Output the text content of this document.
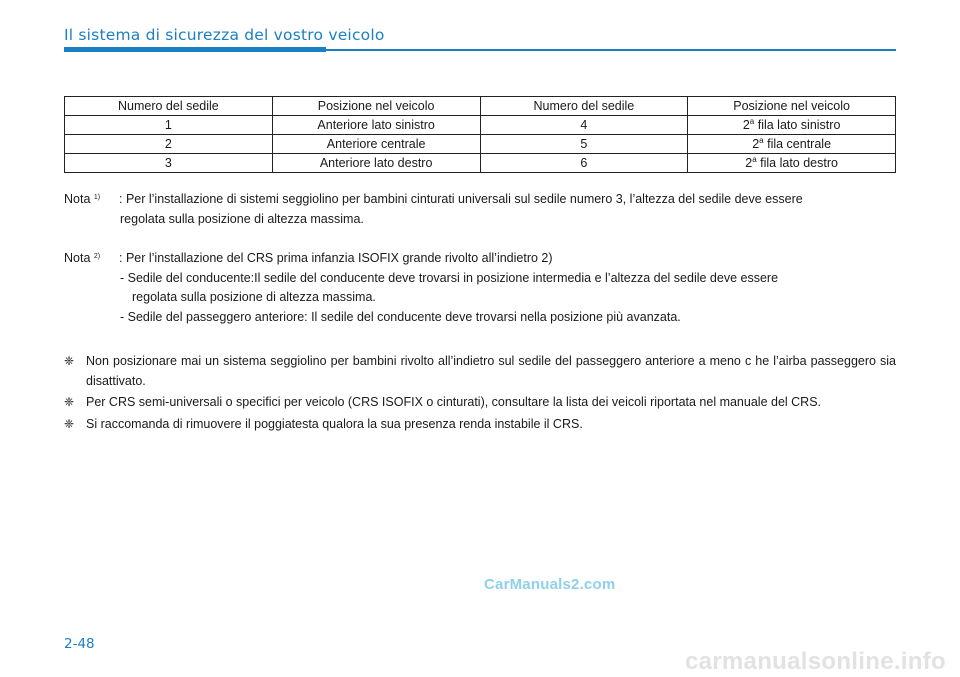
Il sistema di sicurezza del vostro veicolo
Numero del sedile	Posizione nel veicolo	Numero del sedile	Posizione nel veicolo
1	Anteriore lato sinistro	4	2$^a$ fila lato sinistro
2	Anteriore centrale	5	2$^a$ fila centrale
3	Anteriore lato destro	6	2$^a$ fila lato destro
Nota $^{1)}$	: Per l’installazione di sistemi seggiolino per bambini cinturati universali sul sedile numero 3, l’altezza del sedile deve essere
regolata sulla posizione di altezza massima.
Nota $^{2)}$	: Per l’installazione del CRS prima infanzia ISOFIX grande rivolto all’indietro 2)
- Sedile del conducente:Il sedile del conducente deve trovarsi in posizione intermedia e l’altezza del sedile deve essere
regolata sulla posizione di altezza massima.
- Sedile del passeggero anteriore: Il sedile del conducente deve trovarsi nella posizione più avanzata.
❈ Non posizionare mai un sistema seggiolino per bambini rivolto all’indietro sul sedile del passeggero anteriore a meno c he l’airba passeggero sia disattivato.
❈ Per CRS semi-universali o specifici per veicolo (CRS ISOFIX o cinturati), consultare la lista dei veicoli riportata nel manuale del CRS.
❈ Si raccomanda di rimuovere il poggiatesta qualora la sua presenza renda instabile il CRS.
CarManuals2.com
2-48
carmanualsonline.info
